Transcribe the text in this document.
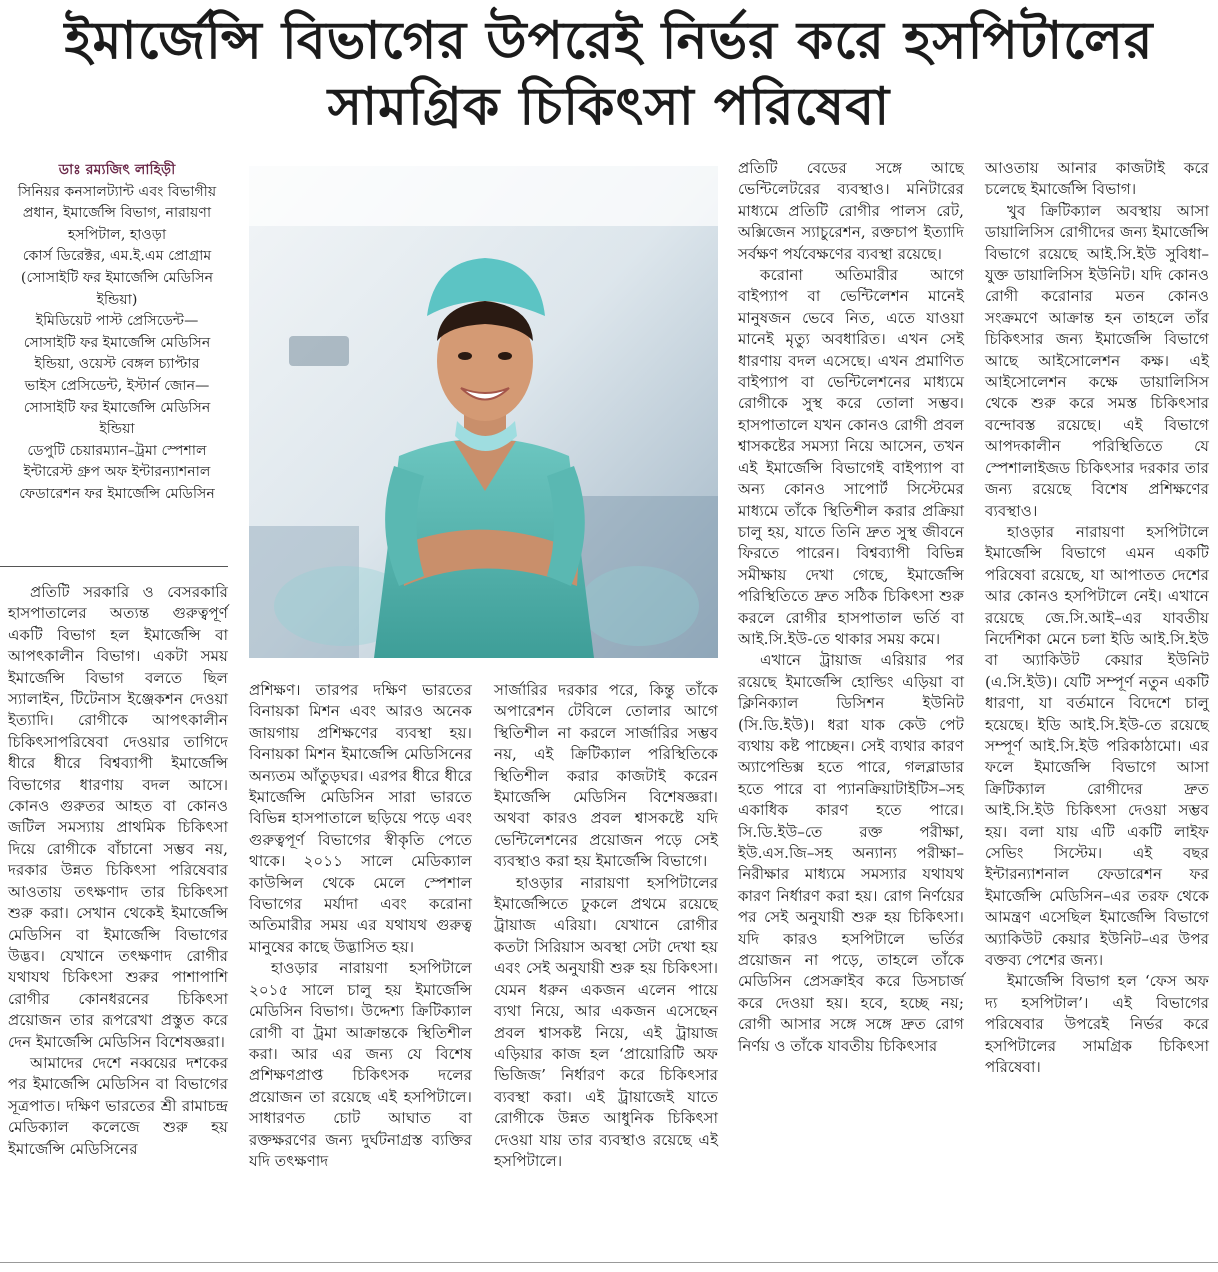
ইমার্জেন্সি বিভাগের উপরেই নির্ভর করে হসপিটালের
সামগ্রিক চিকিৎসা পরিষেবা
ডাঃ রম্যজিৎ লাহিড়ী
সিনিয়র কনসালট্যান্ট এবং বিভাগীয় প্রধান, ইমার্জেন্সি বিভাগ, নারায়ণা হসপিটাল, হাওড়া
কোর্স ডিরেক্টর, এম.ই.এম প্রোগ্রাম (সোসাইটি ফর ইমার্জেন্সি মেডিসিন ইন্ডিয়া)
ইমিডিয়েট পাস্ট প্রেসিডেন্ট— সোসাইটি ফর ইমার্জেন্সি মেডিসিন ইন্ডিয়া, ওয়েস্ট বেঙ্গল চ্যাপ্টার
ভাইস প্রেসিডেন্ট, ইস্টার্ন জোন— সোসাইটি ফর ইমার্জেন্সি মেডিসিন ইন্ডিয়া
ডেপুটি চেয়ারম্যান–ট্রমা স্পেশাল ইন্টারেস্ট গ্রুপ অফ ইন্টারন্যাশনাল ফেডারেশন ফর ইমার্জেন্সি মেডিসিন

প্রতিটি সরকারি ও বেসরকারি হাসপাতালের অত্যন্ত গুরুত্বপূর্ণ একটি বিভাগ হল ইমার্জেন্সি বা আপৎকালীন বিভাগ। একটা সময় ইমার্জেন্সি বিভাগ বলতে ছিল স্যালাইন, টিটেনাস ইঞ্জেকশন দেওয়া ইত্যাদি। রোগীকে আপৎকালীন চিকিৎসাপরিষেবা দেওয়ার তাগিদে ধীরে ধীরে বিশ্বব্যাপী ইমার্জেন্সি বিভাগের ধারণায় বদল আসে। কোনও গুরুতর আহত বা কোনও জটিল সমস্যায় প্রাথমিক চিকিৎসা দিয়ে রোগীকে বাঁচানো সম্ভব নয়, দরকার উন্নত চিকিৎসা পরিষেবার আওতায় তৎক্ষণাদ তার চিকিৎসা শুরু করা। সেখান থেকেই ইমার্জেন্সি মেডিসিন বা ইমার্জেন্সি বিভাগের উদ্ভব। যেখানে তৎক্ষণাদ রোগীর যথাযথ চিকিৎসা শুরুর পাশাপাশি রোগীর কোনধরনের চিকিৎসা প্রয়োজন তার রূপরেখা প্রস্তুত করে দেন ইমার্জেন্সি মেডিসিন বিশেষজ্ঞরা।

আমাদের দেশে নব্বয়ের দশকের পর ইমার্জেন্সি মেডিসিন বা বিভাগের সূত্রপাত। দক্ষিণ ভারতের শ্রী রামাচন্দ্র মেডিক্যাল কলেজে শুরু হয় ইমার্জেন্সি মেডিসিনের

প্রশিক্ষণ। তারপর দক্ষিণ ভারতের বিনায়কা মিশন এবং আরও অনেক জায়গায় প্রশিক্ষণের ব্যবস্থা হয়। বিনায়কা মিশন ইমার্জেন্সি মেডিসিনের অন্যতম আঁতুড়ঘর। এরপর ধীরে ধীরে ইমার্জেন্সি মেডিসিন সারা ভারতে বিভিন্ন হাসপাতালে ছড়িয়ে পড়ে এবং গুরুত্বপূর্ণ বিভাগের স্বীকৃতি পেতে থাকে। ২০১১ সালে মেডিক্যাল কাউন্সিল থেকে মেলে স্পেশাল বিভাগের মর্যাদা এবং করোনা অতিমারীর সময় এর যথাযথ গুরুত্ব মানুষের কাছে উদ্ভাসিত হয়।

হাওড়ার নারায়ণা হসপিটালে ২০১৫ সালে চালু হয় ইমার্জেন্সি মেডিসিন বিভাগ। উদ্দেশ্য ক্রিটিক্যাল রোগী বা ট্রমা আক্রান্তকে স্থিতিশীল করা। আর এর জন্য যে বিশেষ প্রশিক্ষণপ্রাপ্ত চিকিৎসক দলের প্রয়োজন তা রয়েছে এই হসপিটালে। সাধারণত চোট আঘাত বা রক্তক্ষরণের জন্য দুর্ঘটনাগ্রস্ত ব্যক্তির যদি তৎক্ষণাদ

সার্জারির দরকার পরে, কিন্তু তাঁকে অপারেশন টেবিলে তোলার আগে স্থিতিশীল না করলে সার্জারির সম্ভব নয়, এই ক্রিটিক্যাল পরিস্থিতিকে স্থিতিশীল করার কাজটাই করেন ইমার্জেন্সি মেডিসিন বিশেষজ্ঞরা। অথবা কারও প্রবল শ্বাসকষ্টে যদি ভেন্টিলেশনের প্রয়োজন পড়ে সেই ব্যবস্থাও করা হয় ইমার্জেন্সি বিভাগে।

হাওড়ার নারায়ণা হসপিটালের ইমার্জেন্সিতে ঢুকলে প্রথমে রয়েছে ট্রায়াজ এরিয়া। যেখানে রোগীর কতটা সিরিয়াস অবস্থা সেটা দেখা হয় এবং সেই অনুযায়ী শুরু হয় চিকিৎসা। যেমন ধরুন একজন এলেন পায়ে ব্যথা নিয়ে, আর একজন এসেছেন প্রবল শ্বাসকষ্ট নিয়ে, এই ট্রায়াজ এড়িয়ার কাজ হল ‘প্রায়োরিটি অফ ভিজিজ’ নির্ধারণ করে চিকিৎসার ব্যবস্থা করা। এই ট্রায়াজেই যাতে রোগীকে উন্নত আধুনিক চিকিৎসা দেওয়া যায় তার ব্যবস্থাও রয়েছে এই হসপিটালে।

প্রতিটি বেডের সঙ্গে আছে ভেন্টিলেটরের ব্যবস্থাও। মনিটারের মাধ্যমে প্রতিটি রোগীর পালস রেট, অক্সিজেন স্যাচুরেশন, রক্তচাপ ইত্যাদি সর্বক্ষণ পর্যবেক্ষণের ব্যবস্থা রয়েছে।

করোনা অতিমারীর আগে বাইপ্যাপ বা ভেন্টিলেশন মানেই মানুষজন ভেবে নিত, এতে যাওয়া মানেই মৃত্যু অবধারিত। এখন সেই ধারণায় বদল এসেছে। এখন প্রমাণিত বাইপ্যাপ বা ভেন্টিলেশনের মাধ্যমে রোগীকে সুস্থ করে তোলা সম্ভব। হাসপাতালে যখন কোনও রোগী প্রবল শ্বাসকষ্টের সমস্যা নিয়ে আসেন, তখন এই ইমার্জেন্সি বিভাগেই বাইপ্যাপ বা অন্য কোনও সাপোর্ট সিস্টেমের মাধ্যমে তাঁকে স্থিতিশীল করার প্রক্রিয়া চালু হয়, যাতে তিনি দ্রুত সুস্থ জীবনে ফিরতে পারেন। বিশ্বব্যাপী বিভিন্ন সমীক্ষায় দেখা গেছে, ইমার্জেন্সি পরিস্থিতিতে দ্রুত সঠিক চিকিৎসা শুরু করলে রোগীর হাসপাতাল ভর্তি বা আই.সি.ইউ-তে থাকার সময় কমে।

এখানে ট্রায়াজ এরিয়ার পর রয়েছে ইমার্জেন্সি হোল্ডিং এড়িয়া বা ক্লিনিক্যাল ডিসিশন ইউনিট (সি.ডি.ইউ)। ধরা যাক কেউ পেট ব্যথায় কষ্ট পাচ্ছেন। সেই ব্যথার কারণ অ্যাপেন্ডিক্স হতে পারে, গলব্লাডার হতে পারে বা প্যানক্রিয়াটাইটিস–সহ একাধিক কারণ হতে পারে। সি.ডি.ইউ–তে রক্ত পরীক্ষা, ইউ.এস.জি–সহ অন্যান্য পরীক্ষা–নিরীক্ষার মাধ্যমে সমস্যার যথাযথ কারণ নির্ধারণ করা হয়। রোগ নির্ণয়ের পর সেই অনুযায়ী শুরু হয় চিকিৎসা। যদি কারও হসপিটালে ভর্তির প্রয়োজন না পড়ে, তাহলে তাঁকে মেডিসিন প্রেসক্রাইব করে ডিসচার্জ করে দেওয়া হয়। হবে, হচ্ছে নয়; রোগী আসার সঙ্গে সঙ্গে দ্রুত রোগ নির্ণয় ও তাঁকে যাবতীয় চিকিৎসার

আওতায় আনার কাজটাই করে চলেছে ইমার্জেন্সি বিভাগ।

খুব ক্রিটিক্যাল অবস্থায় আসা ডায়ালিসিস রোগীদের জন্য ইমার্জেন্সি বিভাগে রয়েছে আই.সি.ইউ সুবিধা–যুক্ত ডায়ালিসিস ইউনিট। যদি কোনও রোগী করোনার মতন কোনও সংক্রমণে আক্রান্ত হন তাহলে তাঁর চিকিৎসার জন্য ইমার্জেন্সি বিভাগে আছে আইসোলেশন কক্ষ। এই আইসোলেশন কক্ষে ডায়ালিসিস থেকে শুরু করে সমস্ত চিকিৎসার বন্দোবস্ত রয়েছে। এই বিভাগে আপদকালীন পরিস্থিতিতে যে স্পেশালাইজড চিকিৎসার দরকার তার জন্য রয়েছে বিশেষ প্রশিক্ষণের ব্যবস্থাও।

হাওড়ার নারায়ণা হসপিটালে ইমার্জেন্সি বিভাগে এমন একটি পরিষেবা রয়েছে, যা আপাতত দেশের আর কোনও হসপিটালে নেই। এখানে রয়েছে জে.সি.আই–এর যাবতীয় নির্দেশিকা মেনে চলা ইডি আই.সি.ইউ বা অ্যাকিউট কেয়ার ইউনিট (এ.সি.ইউ)। যেটি সম্পূর্ণ নতুন একটি ধারণা, যা বর্তমানে বিদেশে চালু হয়েছে। ইডি আই.সি.ইউ-তে রয়েছে সম্পূর্ণ আই.সি.ইউ পরিকাঠামো। এর ফলে ইমার্জেন্সি বিভাগে আসা ক্রিটিক্যাল রোগীদের দ্রুত আই.সি.ইউ চিকিৎসা দেওয়া সম্ভব হয়। বলা যায় এটি একটি লাইফ সেভিং সিস্টেম। এই বছর ইন্টারন্যাশনাল ফেডারেশন ফর ইমার্জেন্সি মেডিসিন–এর তরফ থেকে আমন্ত্রণ এসেছিল ইমার্জেন্সি বিভাগে অ্যাকিউট কেয়ার ইউনিট–এর উপর বক্তব্য পেশের জন্য।

ইমার্জেন্সি বিভাগ হল ‘ফেস অফ দ্য হসপিটাল’। এই বিভাগের পরিষেবার উপরেই নির্ভর করে হসপিটালের সামগ্রিক চিকিৎসা পরিষেবা।
